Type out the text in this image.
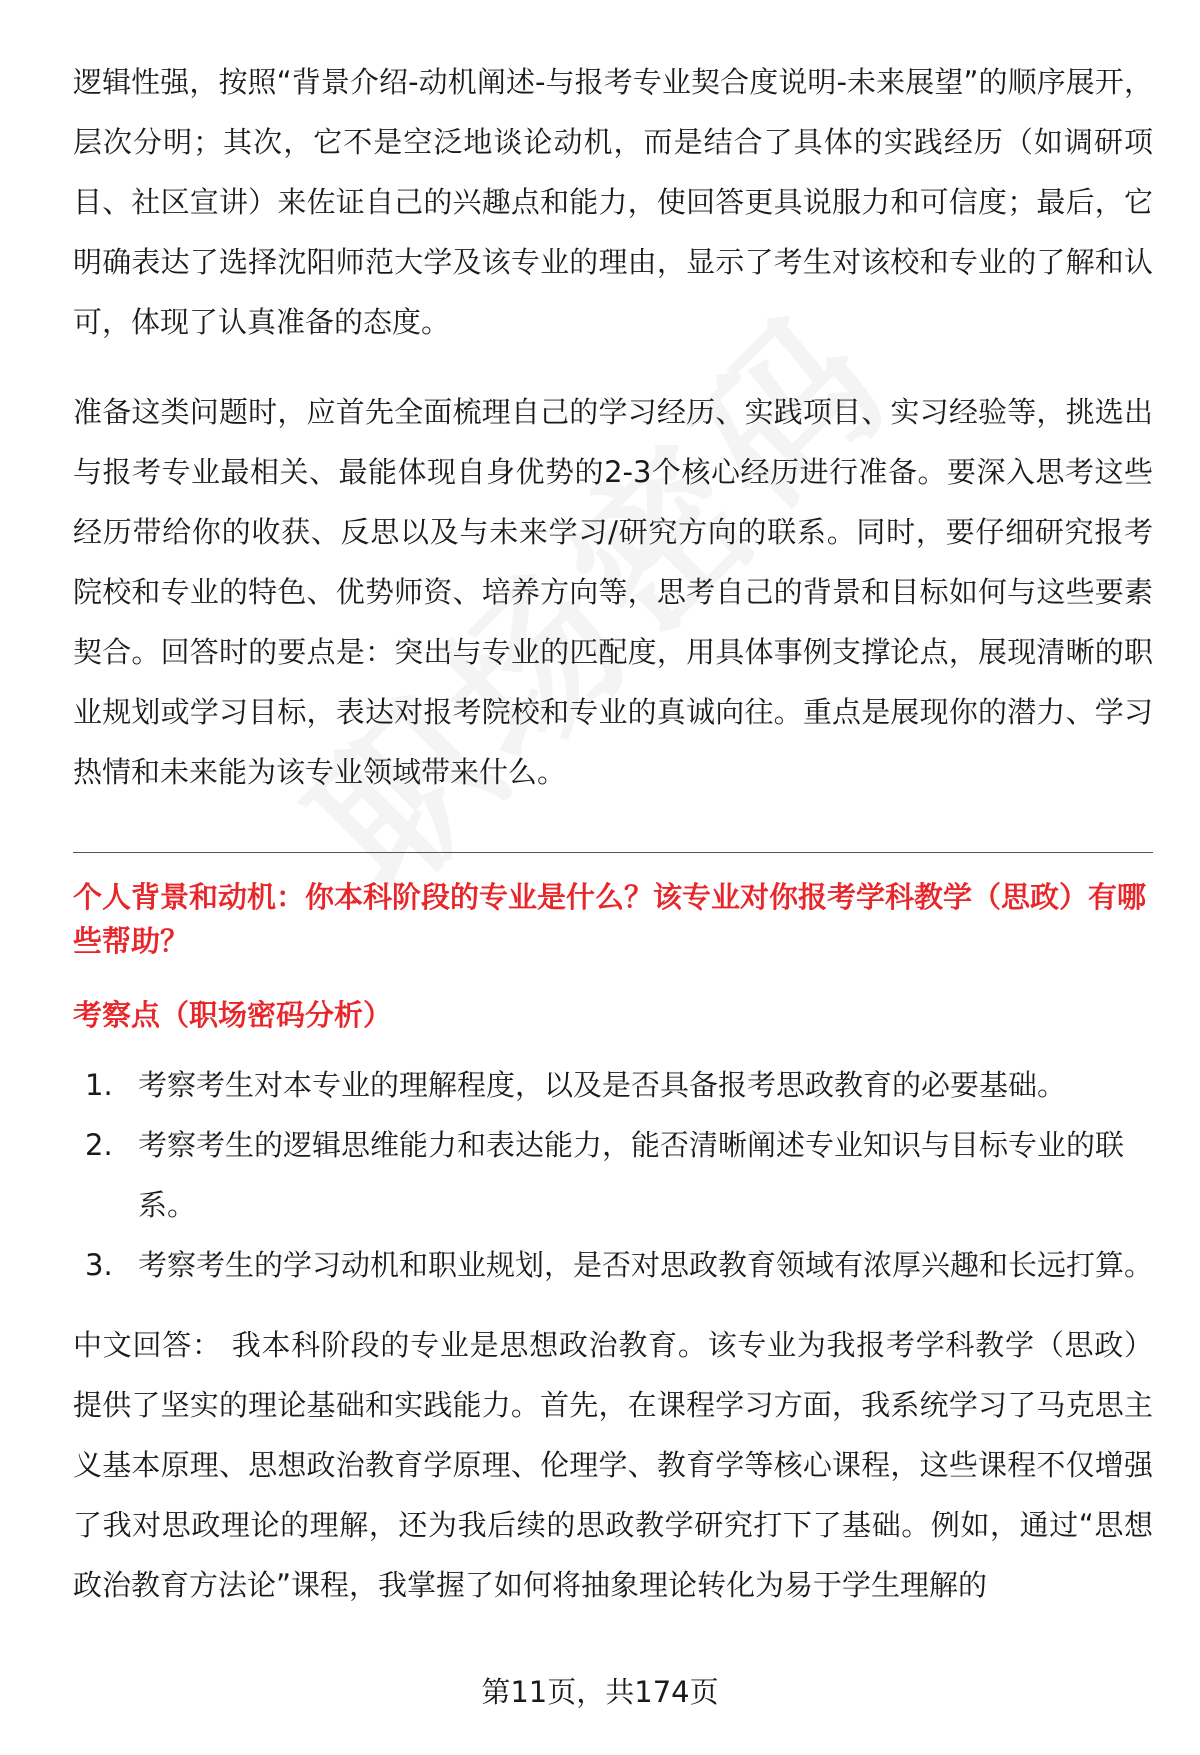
逻辑性强，按照“背景介绍-动机阐述-与报考专业契合度说明-未来展望”的顺序展开，层次分明；其次，它不是空泛地谈论动机，而是结合了具体的实践经历（如调研项目、社区宣讲）来佐证自己的兴趣点和能力，使回答更具说服力和可信度；最后，它明确表达了选择沈阳师范大学及该专业的理由，显示了考生对该校和专业的了解和认可，体现了认真准备的态度。

准备这类问题时，应首先全面梳理自己的学习经历、实践项目、实习经验等，挑选出与报考专业最相关、最能体现自身优势的2-3个核心经历进行准备。要深入思考这些经历带给你的收获、反思以及与未来学习/研究方向的联系。同时，要仔细研究报考院校和专业的特色、优势师资、培养方向等，思考自己的背景和目标如何与这些要素契合。回答时的要点是：突出与专业的匹配度，用具体事例支撑论点，展现清晰的职业规划或学习目标，表达对报考院校和专业的真诚向往。重点是展现你的潜力、学习热情和未来能为该专业领域带来什么。

个人背景和动机：你本科阶段的专业是什么？该专业对你报考学科教学（思政）有哪些帮助？

考察点（职场密码分析）

1. 考察考生对本专业的理解程度，以及是否具备报考思政教育的必要基础。
2. 考察考生的逻辑思维能力和表达能力，能否清晰阐述专业知识与目标专业的联系。
3. 考察考生的学习动机和职业规划，是否对思政教育领域有浓厚兴趣和长远打算。

中文回答： 我本科阶段的专业是思想政治教育。该专业为我报考学科教学（思政）提供了坚实的理论基础和实践能力。首先，在课程学习方面，我系统学习了马克思主义基本原理、思想政治教育学原理、伦理学、教育学等核心课程，这些课程不仅增强了我对思政理论的理解，还为我后续的思政教学研究打下了基础。例如，通过“思想政治教育方法论”课程，我掌握了如何将抽象理论转化为易于学生理解的

第11页，共174页
